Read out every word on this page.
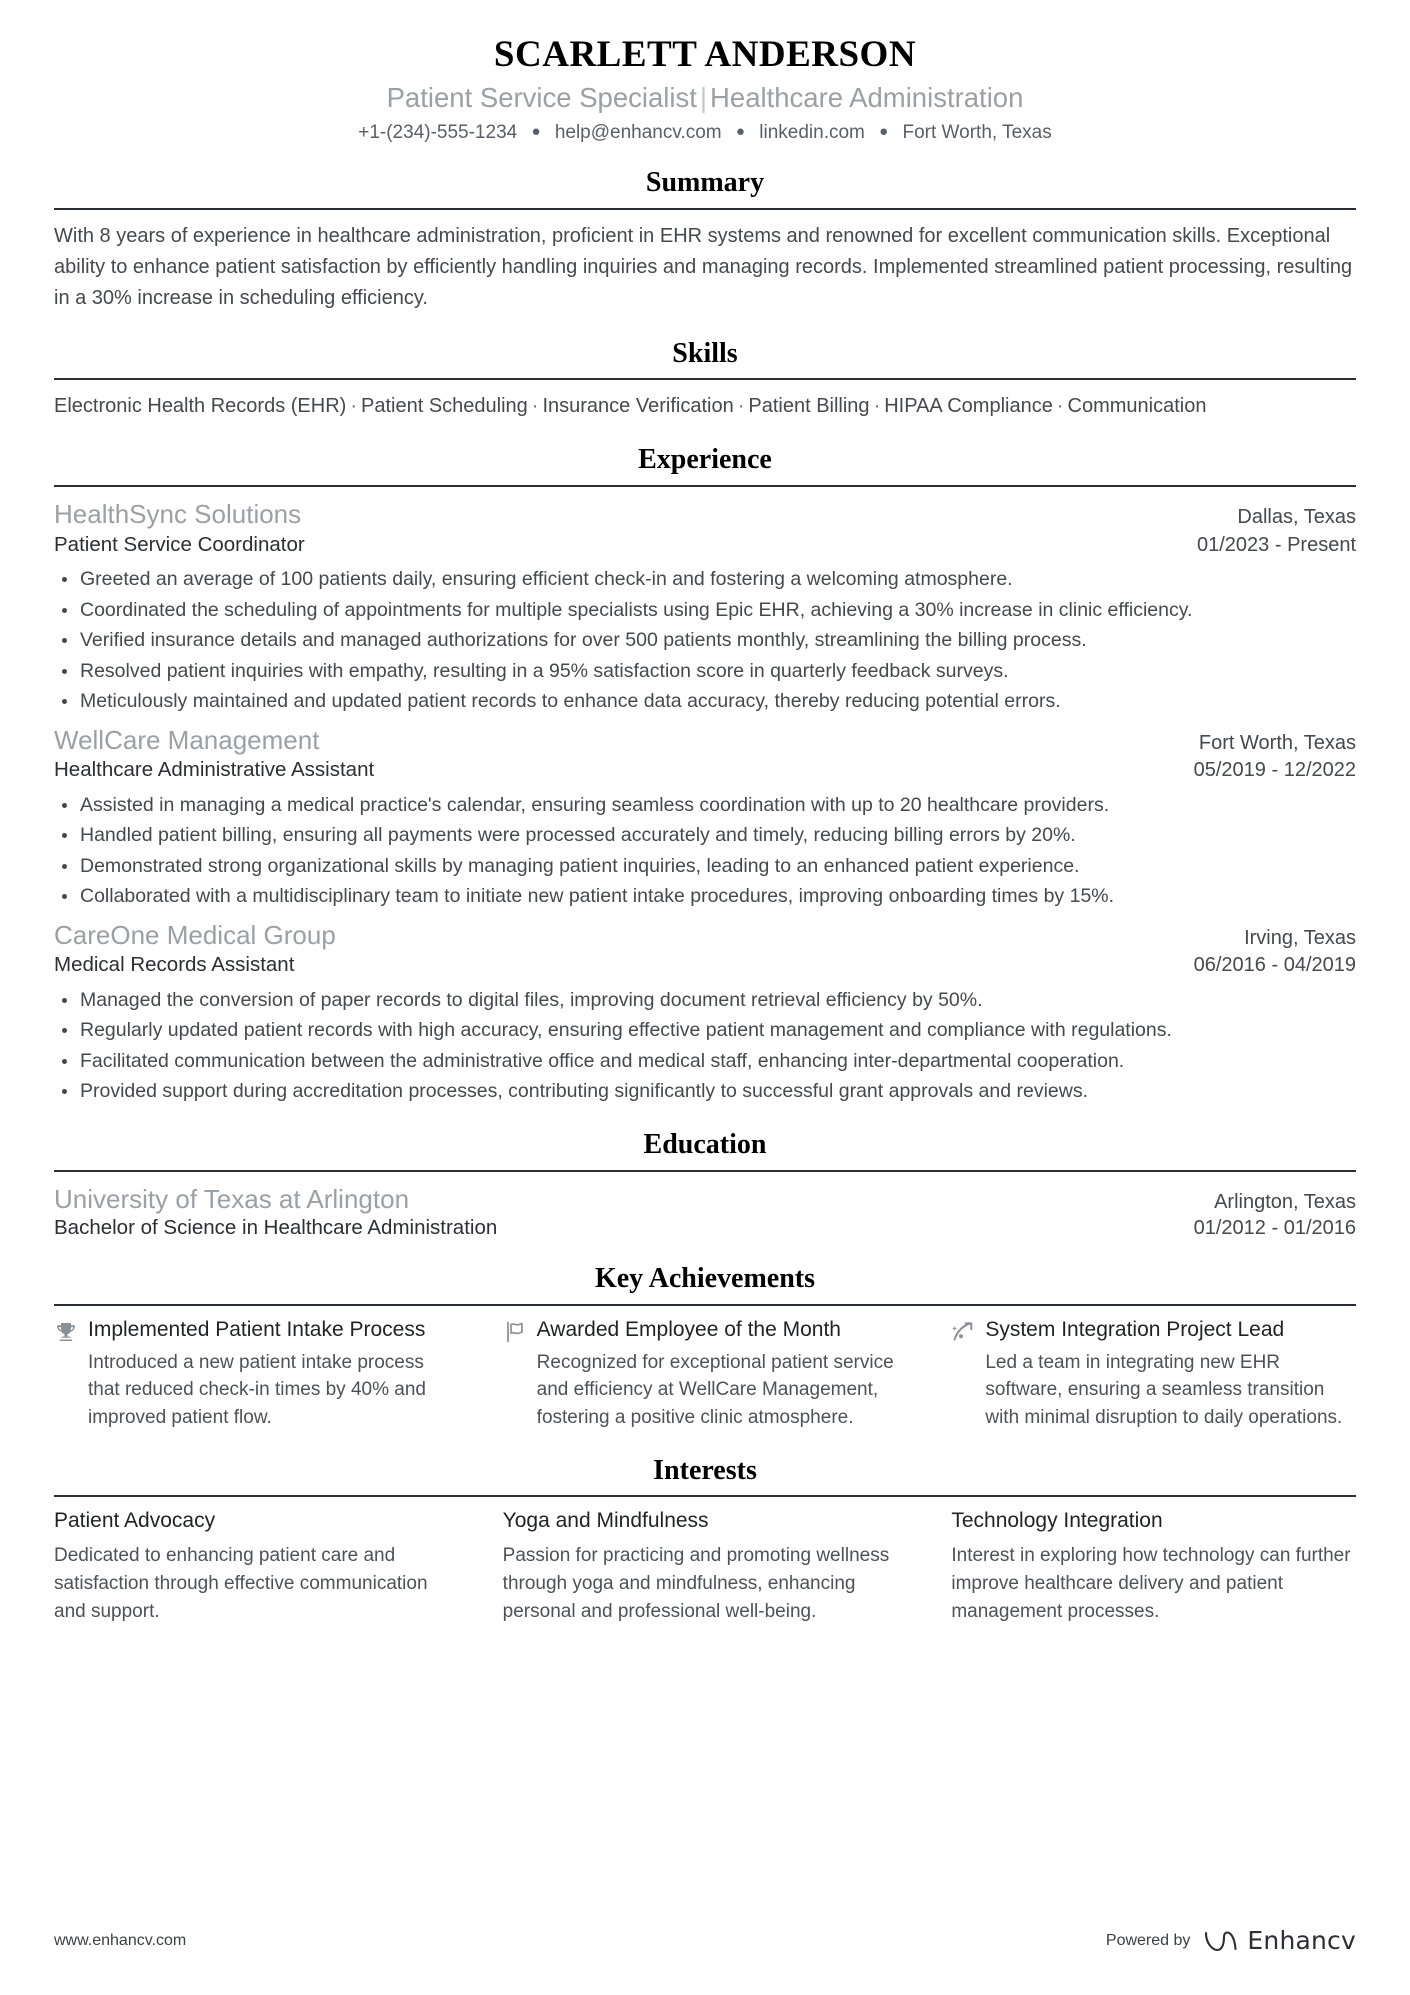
SCARLETT ANDERSON
Patient Service Specialist | Healthcare Administration
+1-(234)-555-1234 ● help@enhancv.com ● linkedin.com ● Fort Worth, Texas
Summary
With 8 years of experience in healthcare administration, proficient in EHR systems and renowned for excellent communication skills. Exceptional ability to enhance patient satisfaction by efficiently handling inquiries and managing records. Implemented streamlined patient processing, resulting in a 30% increase in scheduling efficiency.
Skills
Electronic Health Records (EHR) · Patient Scheduling · Insurance Verification · Patient Billing · HIPAA Compliance · Communication
Experience
HealthSync Solutions	Dallas, Texas
Patient Service Coordinator	01/2023 - Present
Greeted an average of 100 patients daily, ensuring efficient check-in and fostering a welcoming atmosphere.
Coordinated the scheduling of appointments for multiple specialists using Epic EHR, achieving a 30% increase in clinic efficiency.
Verified insurance details and managed authorizations for over 500 patients monthly, streamlining the billing process.
Resolved patient inquiries with empathy, resulting in a 95% satisfaction score in quarterly feedback surveys.
Meticulously maintained and updated patient records to enhance data accuracy, thereby reducing potential errors.
WellCare Management	Fort Worth, Texas
Healthcare Administrative Assistant	05/2019 - 12/2022
Assisted in managing a medical practice's calendar, ensuring seamless coordination with up to 20 healthcare providers.
Handled patient billing, ensuring all payments were processed accurately and timely, reducing billing errors by 20%.
Demonstrated strong organizational skills by managing patient inquiries, leading to an enhanced patient experience.
Collaborated with a multidisciplinary team to initiate new patient intake procedures, improving onboarding times by 15%.
CareOne Medical Group	Irving, Texas
Medical Records Assistant	06/2016 - 04/2019
Managed the conversion of paper records to digital files, improving document retrieval efficiency by 50%.
Regularly updated patient records with high accuracy, ensuring effective patient management and compliance with regulations.
Facilitated communication between the administrative office and medical staff, enhancing inter-departmental cooperation.
Provided support during accreditation processes, contributing significantly to successful grant approvals and reviews.
Education
University of Texas at Arlington	Arlington, Texas
Bachelor of Science in Healthcare Administration	01/2012 - 01/2016
Key Achievements
Implemented Patient Intake Process
Introduced a new patient intake process that reduced check-in times by 40% and improved patient flow.
Awarded Employee of the Month
Recognized for exceptional patient service and efficiency at WellCare Management, fostering a positive clinic atmosphere.
System Integration Project Lead
Led a team in integrating new EHR software, ensuring a seamless transition with minimal disruption to daily operations.
Interests
Patient Advocacy
Dedicated to enhancing patient care and satisfaction through effective communication and support.
Yoga and Mindfulness
Passion for practicing and promoting wellness through yoga and mindfulness, enhancing personal and professional well-being.
Technology Integration
Interest in exploring how technology can further improve healthcare delivery and patient management processes.
www.enhancv.com	Powered by Enhancv
